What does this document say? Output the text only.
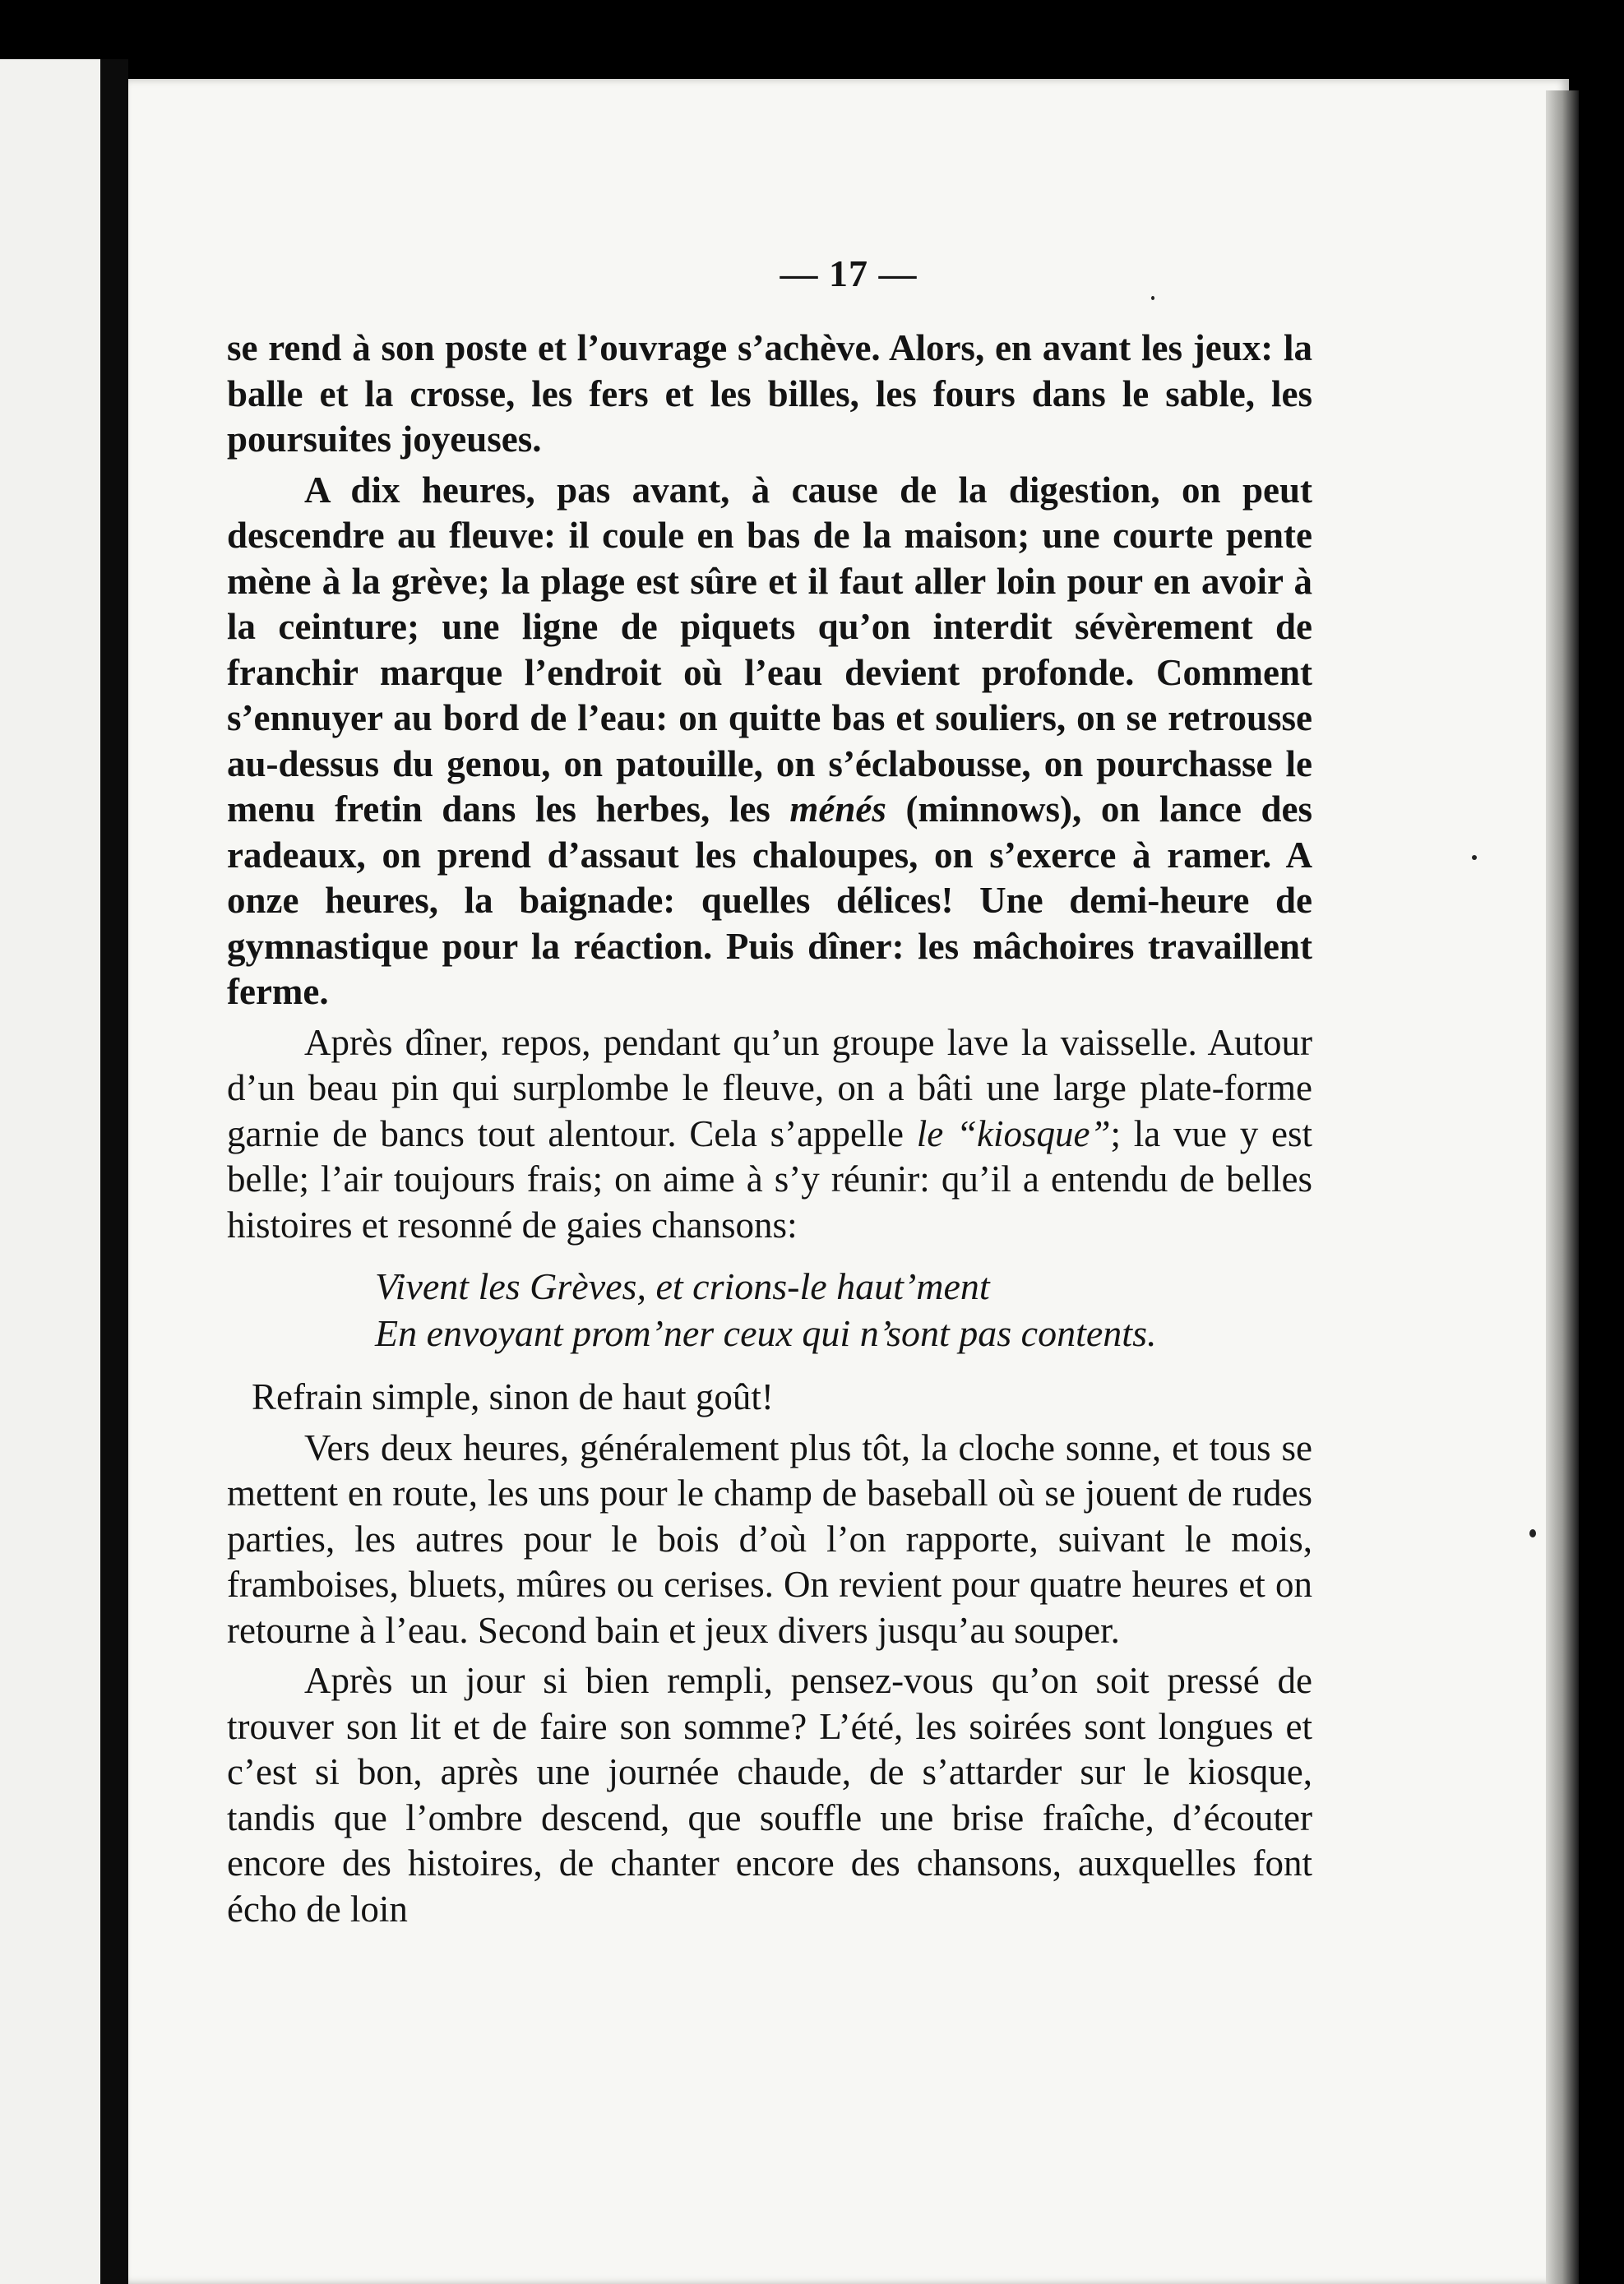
— 17 —

se rend à son poste et l’ouvrage s’achève. Alors, en avant les jeux: la balle et la crosse, les fers et les billes, les fours dans le sable, les poursuites joyeuses.

A dix heures, pas avant, à cause de la digestion, on peut descendre au fleuve: il coule en bas de la maison; une courte pente mène à la grève; la plage est sûre et il faut aller loin pour en avoir à la ceinture; une ligne de piquets qu’on interdit sévèrement de franchir marque l’endroit où l’eau devient profonde. Comment s’ennuyer au bord de l’eau: on quitte bas et souliers, on se retrousse au-dessus du genou, on patouille, on s’éclabousse, on pourchasse le menu fretin dans les herbes, les ménés (minnows), on lance des radeaux, on prend d’assaut les chaloupes, on s’exerce à ramer. A onze heures, la baignade: quelles délices! Une demi-heure de gymnastique pour la réaction. Puis dîner: les mâchoires travaillent ferme.

Après dîner, repos, pendant qu’un groupe lave la vaisselle. Autour d’un beau pin qui surplombe le fleuve, on a bâti une large plate-forme garnie de bancs tout alentour. Cela s’appelle le “kiosque”; la vue y est belle; l’air toujours frais; on aime à s’y réunir: qu’il a entendu de belles histoires et resonné de gaies chansons:

Vivent les Grèves, et crions-le haut’ment
En envoyant prom’ner ceux qui n’sont pas contents.

Refrain simple, sinon de haut goût!

Vers deux heures, généralement plus tôt, la cloche sonne, et tous se mettent en route, les uns pour le champ de baseball où se jouent de rudes parties, les autres pour le bois d’où l’on rapporte, suivant le mois, framboises, bluets, mûres ou cerises. On revient pour quatre heures et on retourne à l’eau. Second bain et jeux divers jusqu’au souper.

Après un jour si bien rempli, pensez-vous qu’on soit pressé de trouver son lit et de faire son somme? L’été, les soirées sont longues et c’est si bon, après une journée chaude, de s’attarder sur le kiosque, tandis que l’ombre descend, que souffle une brise fraîche, d’écouter encore des histoires, de chanter encore des chansons, auxquelles font écho de loin
